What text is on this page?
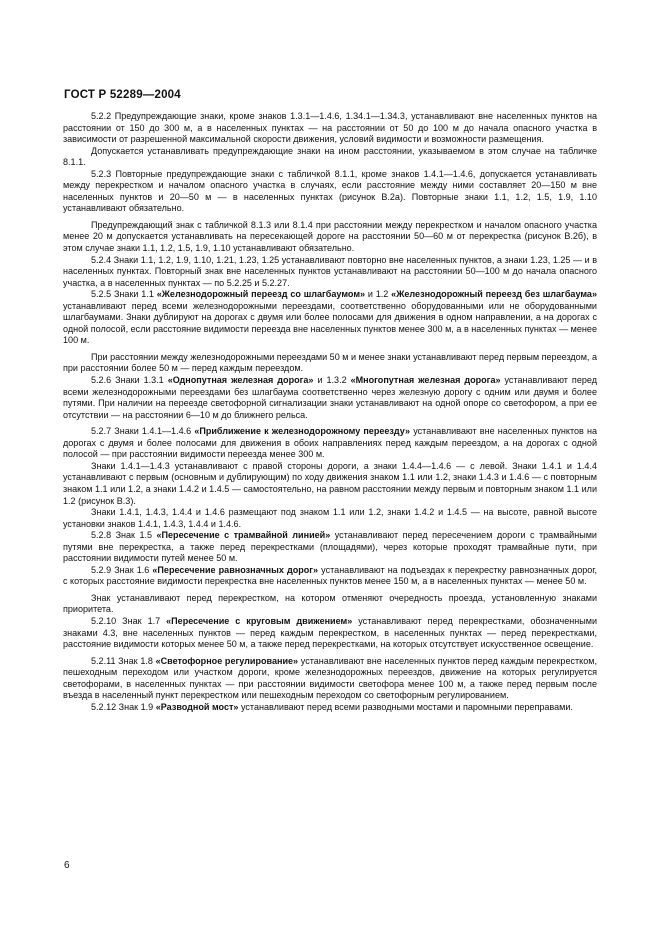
ГОСТ Р 52289—2004

5.2.2 Предупреждающие знаки, кроме знаков 1.3.1—1.4.6, 1.34.1—1.34.3, устанавливают вне населенных пунктов на расстоянии от 150 до 300 м, а в населенных пунктах — на расстоянии от 50 до 100 м до начала опасного участка в зависимости от разрешенной максимальной скорости движения, условий видимости и возможности размещения.

Допускается устанавливать предупреждающие знаки на ином расстоянии, указываемом в этом случае на табличке 8.1.1.

5.2.3 Повторные предупреждающие знаки с табличкой 8.1.1, кроме знаков 1.4.1—1.4.6, допускается устанавливать между перекрестком и началом опасного участка в случаях, если расстояние между ними составляет 20—150 м вне населенных пунктов и 20—50 м — в населенных пунктах (рисунок В.2а). Повторные знаки 1.1, 1.2, 1.5, 1.9, 1.10 устанавливают обязательно.

Предупреждающий знак с табличкой 8.1.3 или 8.1.4 при расстоянии между перекрестком и началом опасного участка менее 20 м допускается устанавливать на пересекающей дороге на расстоянии 50—60 м от перекрестка (рисунок В.2б), в этом случае знаки 1.1, 1.2, 1.5, 1.9, 1.10 устанавливают обязательно.

5.2.4 Знаки 1.1, 1.2, 1.9, 1.10, 1.21, 1.23, 1.25 устанавливают повторно вне населенных пунктов, а знаки 1.23, 1.25 — и в населенных пунктах. Повторный знак вне населенных пунктов устанавливают на расстоянии 50—100 м до начала опасного участка, а в населенных пунктах — по 5.2.25 и 5.2.27.

5.2.5 Знаки 1.1 «Железнодорожный переезд со шлагбаумом» и 1.2 «Железнодорожный переезд без шлагбаума» устанавливают перед всеми железнодорожными переездами, соответственно оборудованными или не оборудованными шлагбаумами. Знаки дублируют на дорогах с двумя или более полосами для движения в одном направлении, а на дорогах с одной полосой, если расстояние видимости переезда вне населенных пунктов менее 300 м, а в населенных пунктах — менее 100 м.

При расстоянии между железнодорожными переездами 50 м и менее знаки устанавливают перед первым переездом, а при расстоянии более 50 м — перед каждым переездом.

5.2.6 Знаки 1.3.1 «Однопутная железная дорога» и 1.3.2 «Многопутная железная дорога» устанавливают перед всеми железнодорожными переездами без шлагбаума соответственно через железную дорогу с одним или двумя и более путями. При наличии на переезде светофорной сигнализации знаки устанавливают на одной опоре со светофором, а при ее отсутствии — на расстоянии 6—10 м до ближнего рельса.

5.2.7 Знаки 1.4.1—1.4.6 «Приближение к железнодорожному переезду» устанавливают вне населенных пунктов на дорогах с двумя и более полосами для движения в обоих направлениях перед каждым переездом, а на дорогах с одной полосой — при расстоянии видимости переезда менее 300 м.

Знаки 1.4.1—1.4.3 устанавливают с правой стороны дороги, а знаки 1.4.4—1.4.6 — с левой. Знаки 1.4.1 и 1.4.4 устанавливают с первым (основным и дублирующим) по ходу движения знаком 1.1 или 1.2, знаки 1.4.3 и 1.4.6 — с повторным знаком 1.1 или 1.2, а знаки 1.4.2 и 1.4.5 — самостоятельно, на равном расстоянии между первым и повторным знаком 1.1 или 1.2 (рисунок В.3).

Знаки 1.4.1, 1.4.3, 1.4.4 и 1.4.6 размещают под знаком 1.1 или 1.2, знаки 1.4.2 и 1.4.5 — на высоте, равной высоте установки знаков 1.4.1, 1.4.3, 1.4.4 и 1.4.6.

5.2.8 Знак 1.5 «Пересечение с трамвайной линией» устанавливают перед пересечением дороги с трамвайными путями вне перекрестка, а также перед перекрестками (площадями), через которые проходят трамвайные пути, при расстоянии видимости путей менее 50 м.

5.2.9 Знак 1.6 «Пересечение равнозначных дорог» устанавливают на подъездах к перекрестку равнозначных дорог, с которых расстояние видимости перекрестка вне населенных пунктов менее 150 м, а в населенных пунктах — менее 50 м.

Знак устанавливают перед перекрестком, на котором отменяют очередность проезда, установленную знаками приоритета.

5.2.10 Знак 1.7 «Пересечение с круговым движением» устанавливают перед перекрестками, обозначенными знаками 4.3, вне населенных пунктов — перед каждым перекрестком, в населенных пунктах — перед перекрестками, расстояние видимости которых менее 50 м, а также перед перекрестками, на которых отсутствует искусственное освещение.

5.2.11 Знак 1.8 «Светофорное регулирование» устанавливают вне населенных пунктов перед каждым перекрестком, пешеходным переходом или участком дороги, кроме железнодорожных переездов, движение на которых регулируется светофорами, в населенных пунктах — при расстоянии видимости светофора менее 100 м, а также перед первым после въезда в населенный пункт перекрестком или пешеходным переходом со светофорным регулированием.

5.2.12 Знак 1.9 «Разводной мост» устанавливают перед всеми разводными мостами и паромными переправами.

6
